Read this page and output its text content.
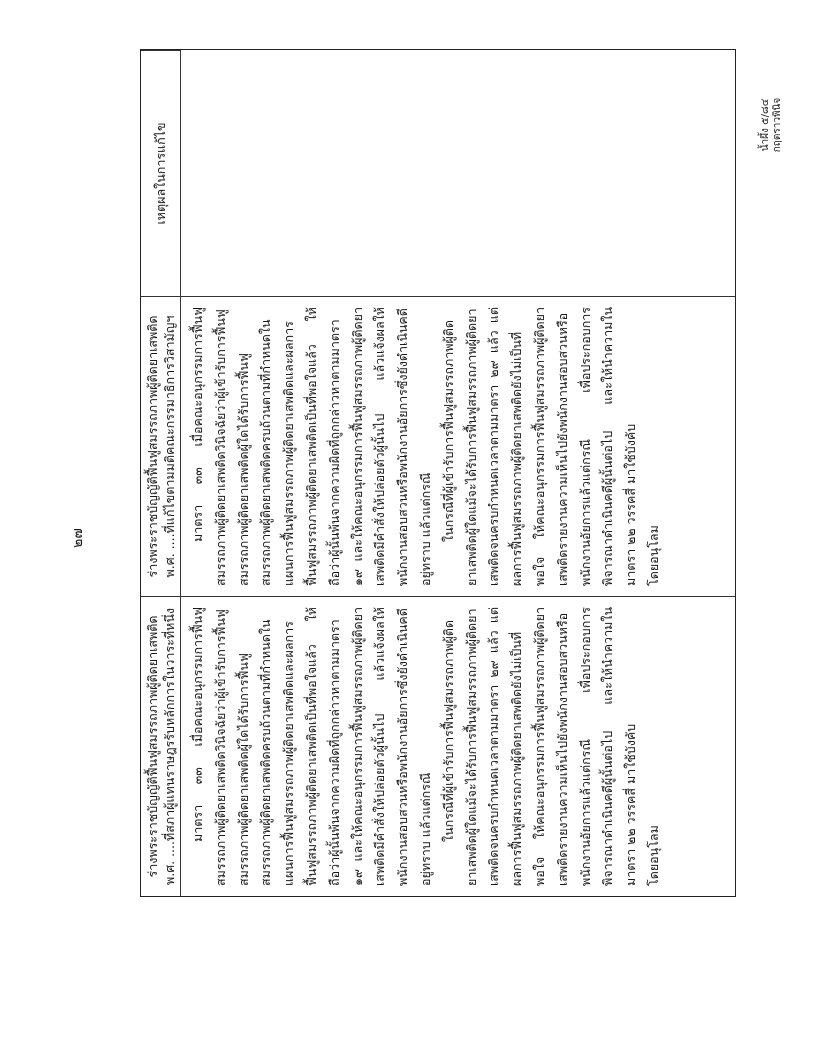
๒๗
น้ำผึ้ง ๕/๘๔ กฤตราวพินิจ
ร่างพระราชบัญญัติฟื้นฟูสมรรถภาพผู้ติดยาเสพติด พ.ศ. ....ที่สภาผู้แทนราษฎรรับหลักการในวาระที่หนึ่ง
ร่างพระราชบัญญัติฟื้นฟูสมรรถภาพผู้ติดยาเสพติด พ.ศ. ....ที่แก้ไขตามมติคณะกรรมาธิการวิสามัญฯ
เหตุผลในการแก้ไข

มาตรา ๓๓ เมื่อคณะอนุกรรมการฟื้นฟูสมรรถภาพผู้ติดยาเสพติดวินิจฉัยว่าผู้เข้ารับการฟื้นฟูสมรรถภาพผู้ติดยาเสพติดผู้ใดได้รับการฟื้นฟูสมรรถภาพผู้ติดยาเสพติดครบถ้วนตามที่กำหนดในแผนการฟื้นฟูสมรรถภาพผู้ติดยาเสพติดและผลการฟื้นฟูสมรรถภาพผู้ติดยาเสพติดเป็นที่พอใจแล้ว ให้ถือว่าผู้นั้นพ้นจากความผิดที่ถูกกล่าวหาตามมาตรา ๑๙ และให้คณะอนุกรรมการฟื้นฟูสมรรถภาพผู้ติดยาเสพติดมีคำสั่งให้ปล่อยตัวผู้นั้นไป แล้วแจ้งผลให้พนักงานสอบสวนหรือพนักงานอัยการซึ่งยังดำเนินคดีอยู่ทราบ แล้วแต่กรณี ในกรณีที่ผู้เข้ารับการฟื้นฟูสมรรถภาพผู้ติดยาเสพติดผู้ใดแม้จะได้รับการฟื้นฟูสมรรถภาพผู้ติดยาเสพติดจนครบกำหนดเวลาตามมาตรา ๒๙ แล้ว แต่ผลการฟื้นฟูสมรรถภาพผู้ติดยาเสพติดยังไม่เป็นที่พอใจ ให้คณะอนุกรรมการฟื้นฟูสมรรถภาพผู้ติดยาเสพติดรายงานความเห็นไปยังพนักงานสอบสวนหรือพนักงานอัยการแล้วแต่กรณี เพื่อประกอบการพิจารณาดำเนินคดีผู้นั้นต่อไป และให้นำความในมาตรา ๒๒ วรรคสี่ มาใช้บังคับ โดยอนุโลม

มาตรา ๓๓ เมื่อคณะอนุกรรมการฟื้นฟูสมรรถภาพผู้ติดยาเสพติดวินิจฉัยว่าผู้เข้ารับการฟื้นฟูสมรรถภาพผู้ติดยาเสพติดผู้ใดได้รับการฟื้นฟูสมรรถภาพผู้ติดยาเสพติดครบถ้วนตามที่กำหนดในแผนการฟื้นฟูสมรรถภาพผู้ติดยาเสพติดและผลการฟื้นฟูสมรรถภาพผู้ติดยาเสพติดเป็นที่พอใจแล้ว ให้ถือว่าผู้นั้นพ้นจากความผิดที่ถูกกล่าวหาตามมาตรา ๑๙ และให้คณะอนุกรรมการฟื้นฟูสมรรถภาพผู้ติดยาเสพติดมีคำสั่งให้ปล่อยตัวผู้นั้นไป แล้วแจ้งผลให้พนักงานสอบสวนหรือพนักงานอัยการซึ่งยังดำเนินคดีอยู่ทราบ แล้วแต่กรณี ในกรณีที่ผู้เข้ารับการฟื้นฟูสมรรถภาพผู้ติดยาเสพติดผู้ใดแม้จะได้รับการฟื้นฟูสมรรถภาพผู้ติดยาเสพติดจนครบกำหนดเวลาตามมาตรา ๒๙ แล้ว แต่ผลการฟื้นฟูสมรรถภาพผู้ติดยาเสพติดยังไม่เป็นที่พอใจ ให้คณะอนุกรรมการฟื้นฟูสมรรถภาพผู้ติดยาเสพติดรายงานความเห็นไปยังพนักงานสอบสวนหรือพนักงานอัยการแล้วแต่กรณี เพื่อประกอบการพิจารณาดำเนินคดีผู้นั้นต่อไป และให้นำความในมาตรา ๒๒ วรรคสี่ มาใช้บังคับ โดยอนุโลม
